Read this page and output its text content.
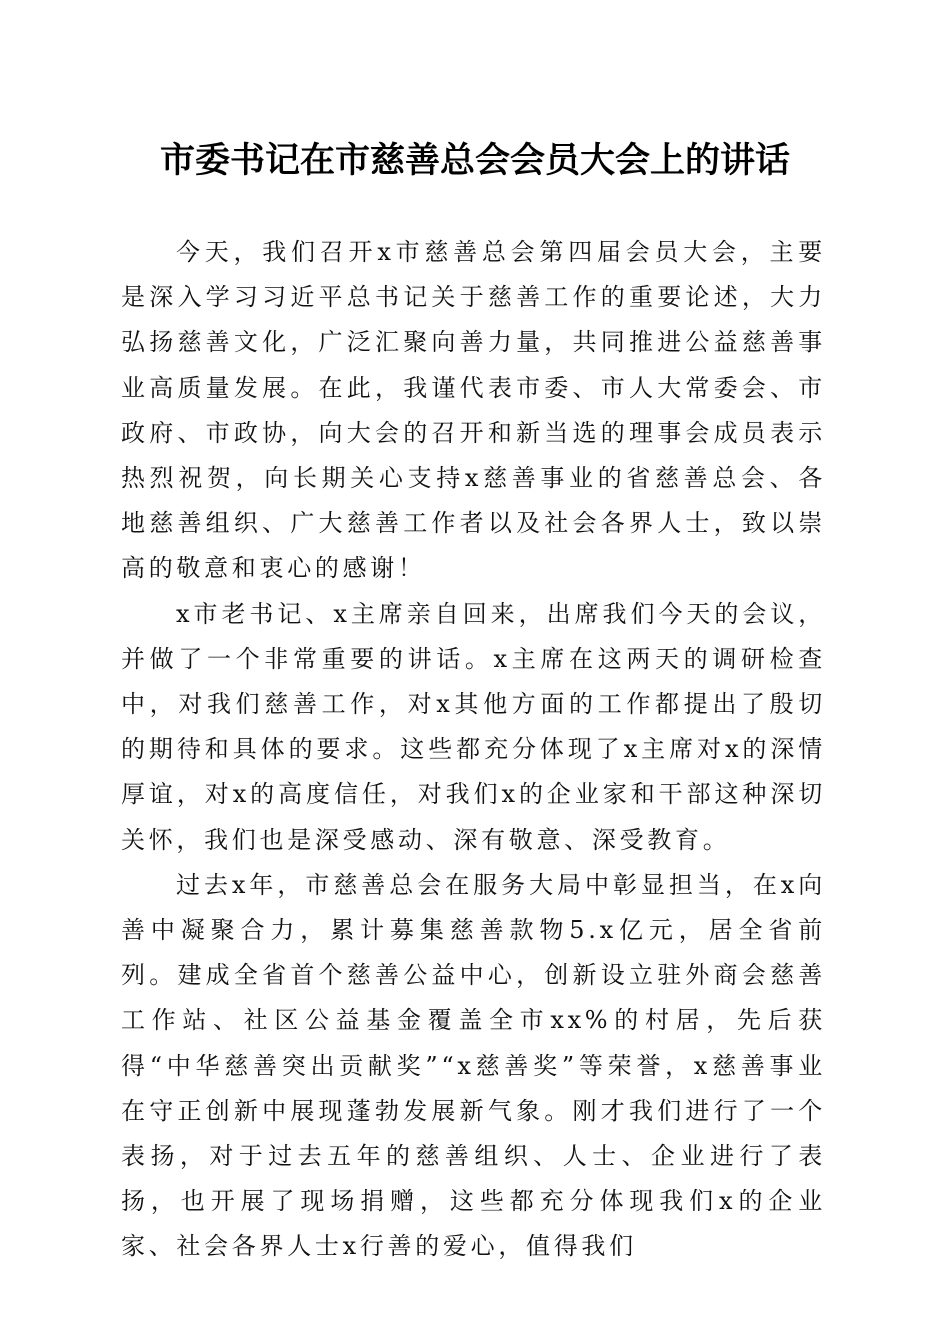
市委书记在市慈善总会会员大会上的讲话

今天，我们召开x市慈善总会第四届会员大会，主要是深入学习习近平总书记关于慈善工作的重要论述，大力弘扬慈善文化，广泛汇聚向善力量，共同推进公益慈善事业高质量发展。在此，我谨代表市委、市人大常委会、市政府、市政协，向大会的召开和新当选的理事会成员表示热烈祝贺，向长期关心支持x慈善事业的省慈善总会、各地慈善组织、广大慈善工作者以及社会各界人士，致以崇高的敬意和衷心的感谢！

x市老书记、x主席亲自回来，出席我们今天的会议，并做了一个非常重要的讲话。x主席在这两天的调研检查中，对我们慈善工作，对x其他方面的工作都提出了殷切的期待和具体的要求。这些都充分体现了x主席对x的深情厚谊，对x的高度信任，对我们x的企业家和干部这种深切关怀，我们也是深受感动、深有敬意、深受教育。

过去x年，市慈善总会在服务大局中彰显担当，在x向善中凝聚合力，累计募集慈善款物5.x亿元，居全省前列。建成全省首个慈善公益中心，创新设立驻外商会慈善工作站、社区公益基金覆盖全市xx%的村居，先后获得“中华慈善突出贡献奖”“x慈善奖”等荣誉，x慈善事业在守正创新中展现蓬勃发展新气象。刚才我们进行了一个表扬，对于过去五年的慈善组织、人士、企业进行了表扬，也开展了现场捐赠，这些都充分体现我们x的企业家、社会各界人士x行善的爱心，值得我们
